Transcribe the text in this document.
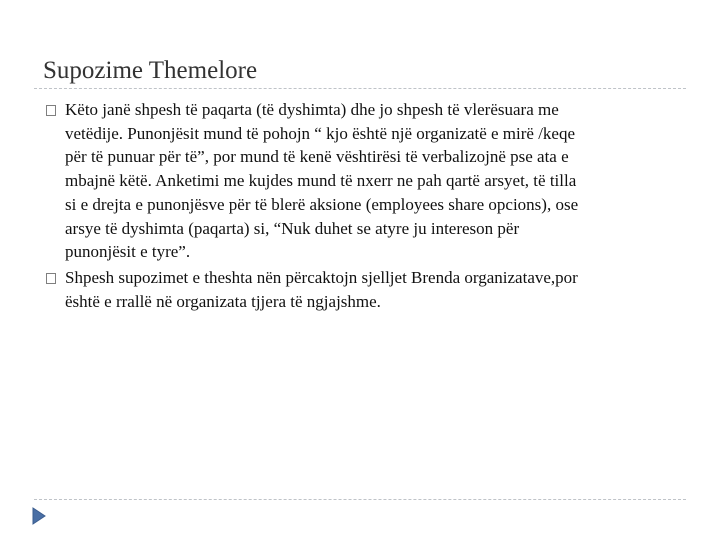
Supozime Themelore
Këto janë shpesh të paqarta (të dyshimta) dhe jo shpesh të vlerësuara me
vetëdije. Punonjësit mund të pohojn “ kjo është një organizatë e mirë /keqe
për të punuar për të”, por mund të kenë vështirësi të verbalizojnë pse ata e
mbajnë këtë. Anketimi me kujdes mund të nxerr ne pah qartë arsyet, të tilla
si e drejta e punonjësve për të blerë aksione (employees share opcions), ose
arsye të dyshimta (paqarta) si, “Nuk duhet se atyre ju intereson për
punonjësit e tyre”.
Shpesh supozimet e theshta nën përcaktojn sjelljet Brenda organizatave,por
është e rrallë në organizata tjjera të ngjajshme.
